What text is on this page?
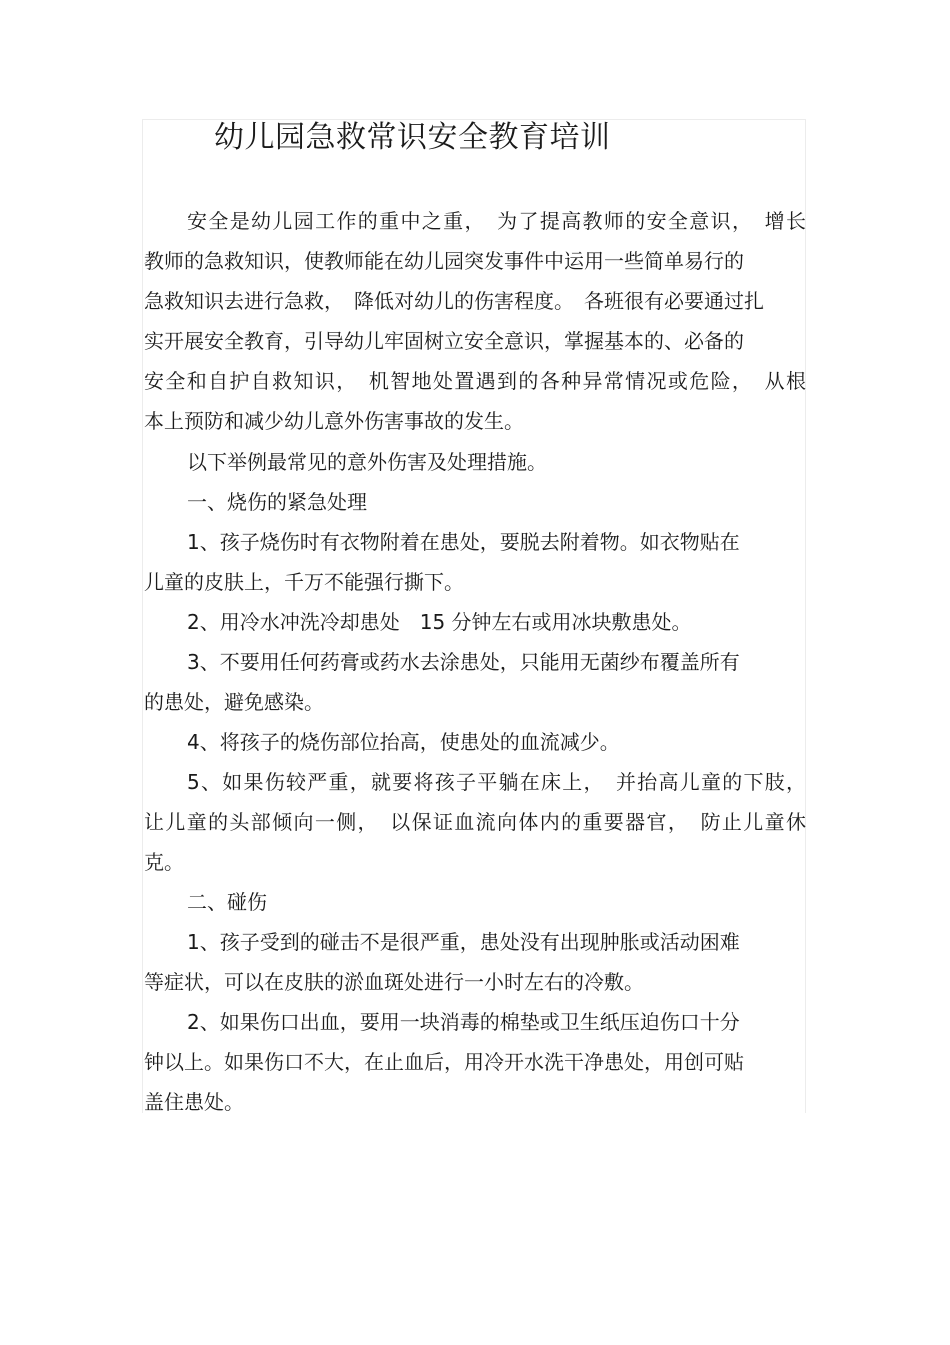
幼儿园急救常识安全教育培训
安全是幼儿园工作的重中之重，　为了提高教师的安全意识，　增长
教师的急救知识，使教师能在幼儿园突发事件中运用一些简单易行的
急救知识去进行急救，　降低对幼儿的伤害程度。　各班很有必要通过扎
实开展安全教育，引导幼儿牢固树立安全意识，掌握基本的、必备的
安全和自护自救知识，　机智地处置遇到的各种异常情况或危险，　从根
本上预防和减少幼儿意外伤害事故的发生。
以下举例最常见的意外伤害及处理措施。
一、烧伤的紧急处理
1、孩子烧伤时有衣物附着在患处，要脱去附着物。如衣物贴在
儿童的皮肤上，千万不能强行撕下。
2、用冷水冲洗冷却患处　15 分钟左右或用冰块敷患处。
3、不要用任何药膏或药水去涂患处，只能用无菌纱布覆盖所有
的患处，避免感染。
4、将孩子的烧伤部位抬高，使患处的血流减少。
5、如果伤较严重，就要将孩子平躺在床上，　并抬高儿童的下肢，
让儿童的头部倾向一侧，　以保证血流向体内的重要器官，　防止儿童休
克。
二、碰伤
1、孩子受到的碰击不是很严重，患处没有出现肿胀或活动困难
等症状，可以在皮肤的淤血斑处进行一小时左右的冷敷。
2、如果伤口出血，要用一块消毒的棉垫或卫生纸压迫伤口十分
钟以上。如果伤口不大，在止血后，用冷开水洗干净患处，用创可贴
盖住患处。
